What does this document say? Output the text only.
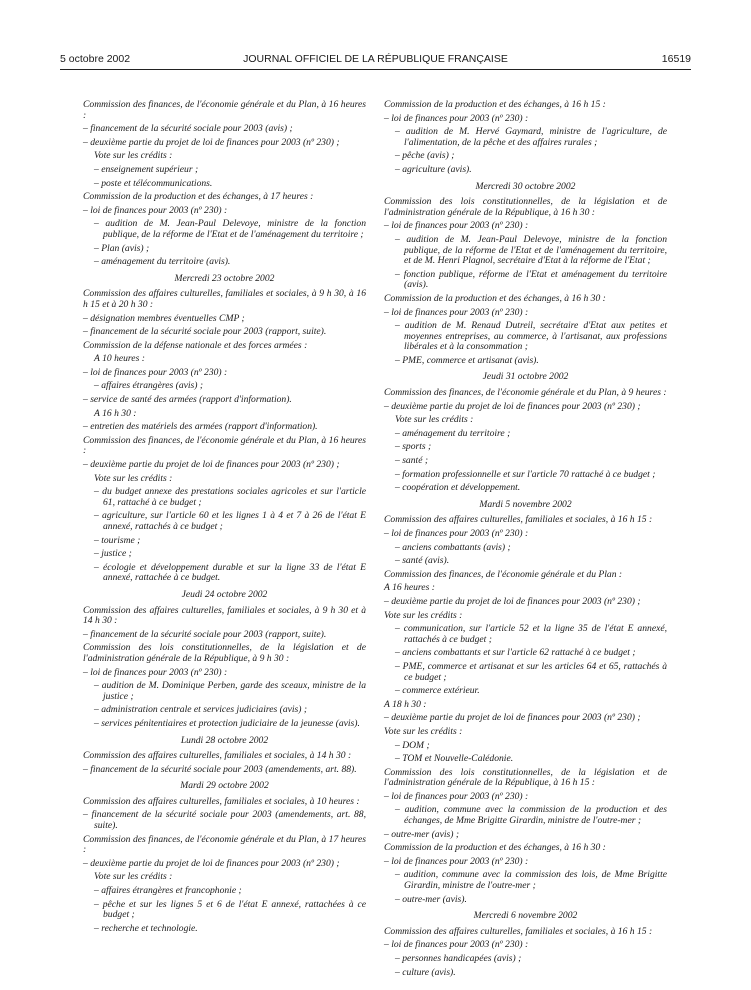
5 octobre 2002	JOURNAL OFFICIEL DE LA RÉPUBLIQUE FRANÇAISE	16519

Commission des finances, de l'économie générale et du Plan, à 16 heures :

– financement de la sécurité sociale pour 2003 (avis) ;

– deuxième partie du projet de loi de finances pour 2003 (nº 230) ;

Vote sur les crédits :

– enseignement supérieur ;

– poste et télécommunications.

Commission de la production et des échanges, à 17 heures :

– loi de finances pour 2003 (nº 230) :

– audition de M. Jean-Paul Delevoye, ministre de la fonction publique, de la réforme de l'Etat et de l'aménagement du territoire ;

– Plan (avis) ;

– aménagement du territoire (avis).

Mercredi 23 octobre 2002

Commission des affaires culturelles, familiales et sociales, à 9 h 30, à 16 h 15 et à 20 h 30 :

– désignation membres éventuelles CMP ;

– financement de la sécurité sociale pour 2003 (rapport, suite).

Commission de la défense nationale et des forces armées :

A 10 heures :

– loi de finances pour 2003 (nº 230) :

– affaires étrangères (avis) ;

– service de santé des armées (rapport d'information).

A 16 h 30 :

– entretien des matériels des armées (rapport d'information).

Commission des finances, de l'économie générale et du Plan, à 16 heures :

– deuxième partie du projet de loi de finances pour 2003 (nº 230) ;

Vote sur les crédits :

– du budget annexe des prestations sociales agricoles et sur l'article 61, rattaché à ce budget ;

– agriculture, sur l'article 60 et les lignes 1 à 4 et 7 à 26 de l'état E annexé, rattachés à ce budget ;

– tourisme ;

– justice ;

– écologie et développement durable et sur la ligne 33 de l'état E annexé, rattachée à ce budget.

Jeudi 24 octobre 2002

Commission des affaires culturelles, familiales et sociales, à 9 h 30 et à 14 h 30 :

– financement de la sécurité sociale pour 2003 (rapport, suite).

Commission des lois constitutionnelles, de la législation et de l'administration générale de la République, à 9 h 30 :

– loi de finances pour 2003 (nº 230) :

– audition de M. Dominique Perben, garde des sceaux, ministre de la justice ;

– administration centrale et services judiciaires (avis) ;

– services pénitentiaires et protection judiciaire de la jeunesse (avis).

Lundi 28 octobre 2002

Commission des affaires culturelles, familiales et sociales, à 14 h 30 :

– financement de la sécurité sociale pour 2003 (amendements, art. 88).

Mardi 29 octobre 2002

Commission des affaires culturelles, familiales et sociales, à 10 heures :

– financement de la sécurité sociale pour 2003 (amendements, art. 88, suite).

Commission des finances, de l'économie générale et du Plan, à 17 heures :

– deuxième partie du projet de loi de finances pour 2003 (nº 230) ;

Vote sur les crédits :

– affaires étrangères et francophonie ;

– pêche et sur les lignes 5 et 6 de l'état E annexé, rattachées à ce budget ;

– recherche et technologie.

Commission de la production et des échanges, à 16 h 15 :

– loi de finances pour 2003 (nº 230) :

– audition de M. Hervé Gaymard, ministre de l'agriculture, de l'alimentation, de la pêche et des affaires rurales ;

– pêche (avis) ;

– agriculture (avis).

Mercredi 30 octobre 2002

Commission des lois constitutionnelles, de la législation et de l'administration générale de la République, à 16 h 30 :

– loi de finances pour 2003 (nº 230) :

– audition de M. Jean-Paul Delevoye, ministre de la fonction publique, de la réforme de l'Etat et de l'aménagement du territoire, et de M. Henri Plagnol, secrétaire d'Etat à la réforme de l'Etat ;

– fonction publique, réforme de l'Etat et aménagement du territoire (avis).

Commission de la production et des échanges, à 16 h 30 :

– loi de finances pour 2003 (nº 230) :

– audition de M. Renaud Dutreil, secrétaire d'Etat aux petites et moyennes entreprises, au commerce, à l'artisanat, aux professions libérales et à la consommation ;

– PME, commerce et artisanat (avis).

Jeudi 31 octobre 2002

Commission des finances, de l'économie générale et du Plan, à 9 heures :

– deuxième partie du projet de loi de finances pour 2003 (nº 230) ;

Vote sur les crédits :

– aménagement du territoire ;

– sports ;

– santé ;

– formation professionnelle et sur l'article 70 rattaché à ce budget ;

– coopération et développement.

Mardi 5 novembre 2002

Commission des affaires culturelles, familiales et sociales, à 16 h 15 :

– loi de finances pour 2003 (nº 230) :

– anciens combattants (avis) ;

– santé (avis).

Commission des finances, de l'économie générale et du Plan :

A 16 heures :

– deuxième partie du projet de loi de finances pour 2003 (nº 230) ;

Vote sur les crédits :

– communication, sur l'article 52 et la ligne 35 de l'état E annexé, rattachés à ce budget ;

– anciens combattants et sur l'article 62 rattaché à ce budget ;

– PME, commerce et artisanat et sur les articles 64 et 65, rattachés à ce budget ;

– commerce extérieur.

A 18 h 30 :

– deuxième partie du projet de loi de finances pour 2003 (nº 230) ;

Vote sur les crédits :

– DOM ;

– TOM et Nouvelle-Calédonie.

Commission des lois constitutionnelles, de la législation et de l'administration générale de la République, à 16 h 15 :

– loi de finances pour 2003 (nº 230) :

– audition, commune avec la commission de la production et des échanges, de Mme Brigitte Girardin, ministre de l'outre-mer ;

– outre-mer (avis) ;

Commission de la production et des échanges, à 16 h 30 :

– loi de finances pour 2003 (nº 230) :

– audition, commune avec la commission des lois, de Mme Brigitte Girardin, ministre de l'outre-mer ;

– outre-mer (avis).

Mercredi 6 novembre 2002

Commission des affaires culturelles, familiales et sociales, à 16 h 15 :

– loi de finances pour 2003 (nº 230) :

– personnes handicapées (avis) ;

– culture (avis).
